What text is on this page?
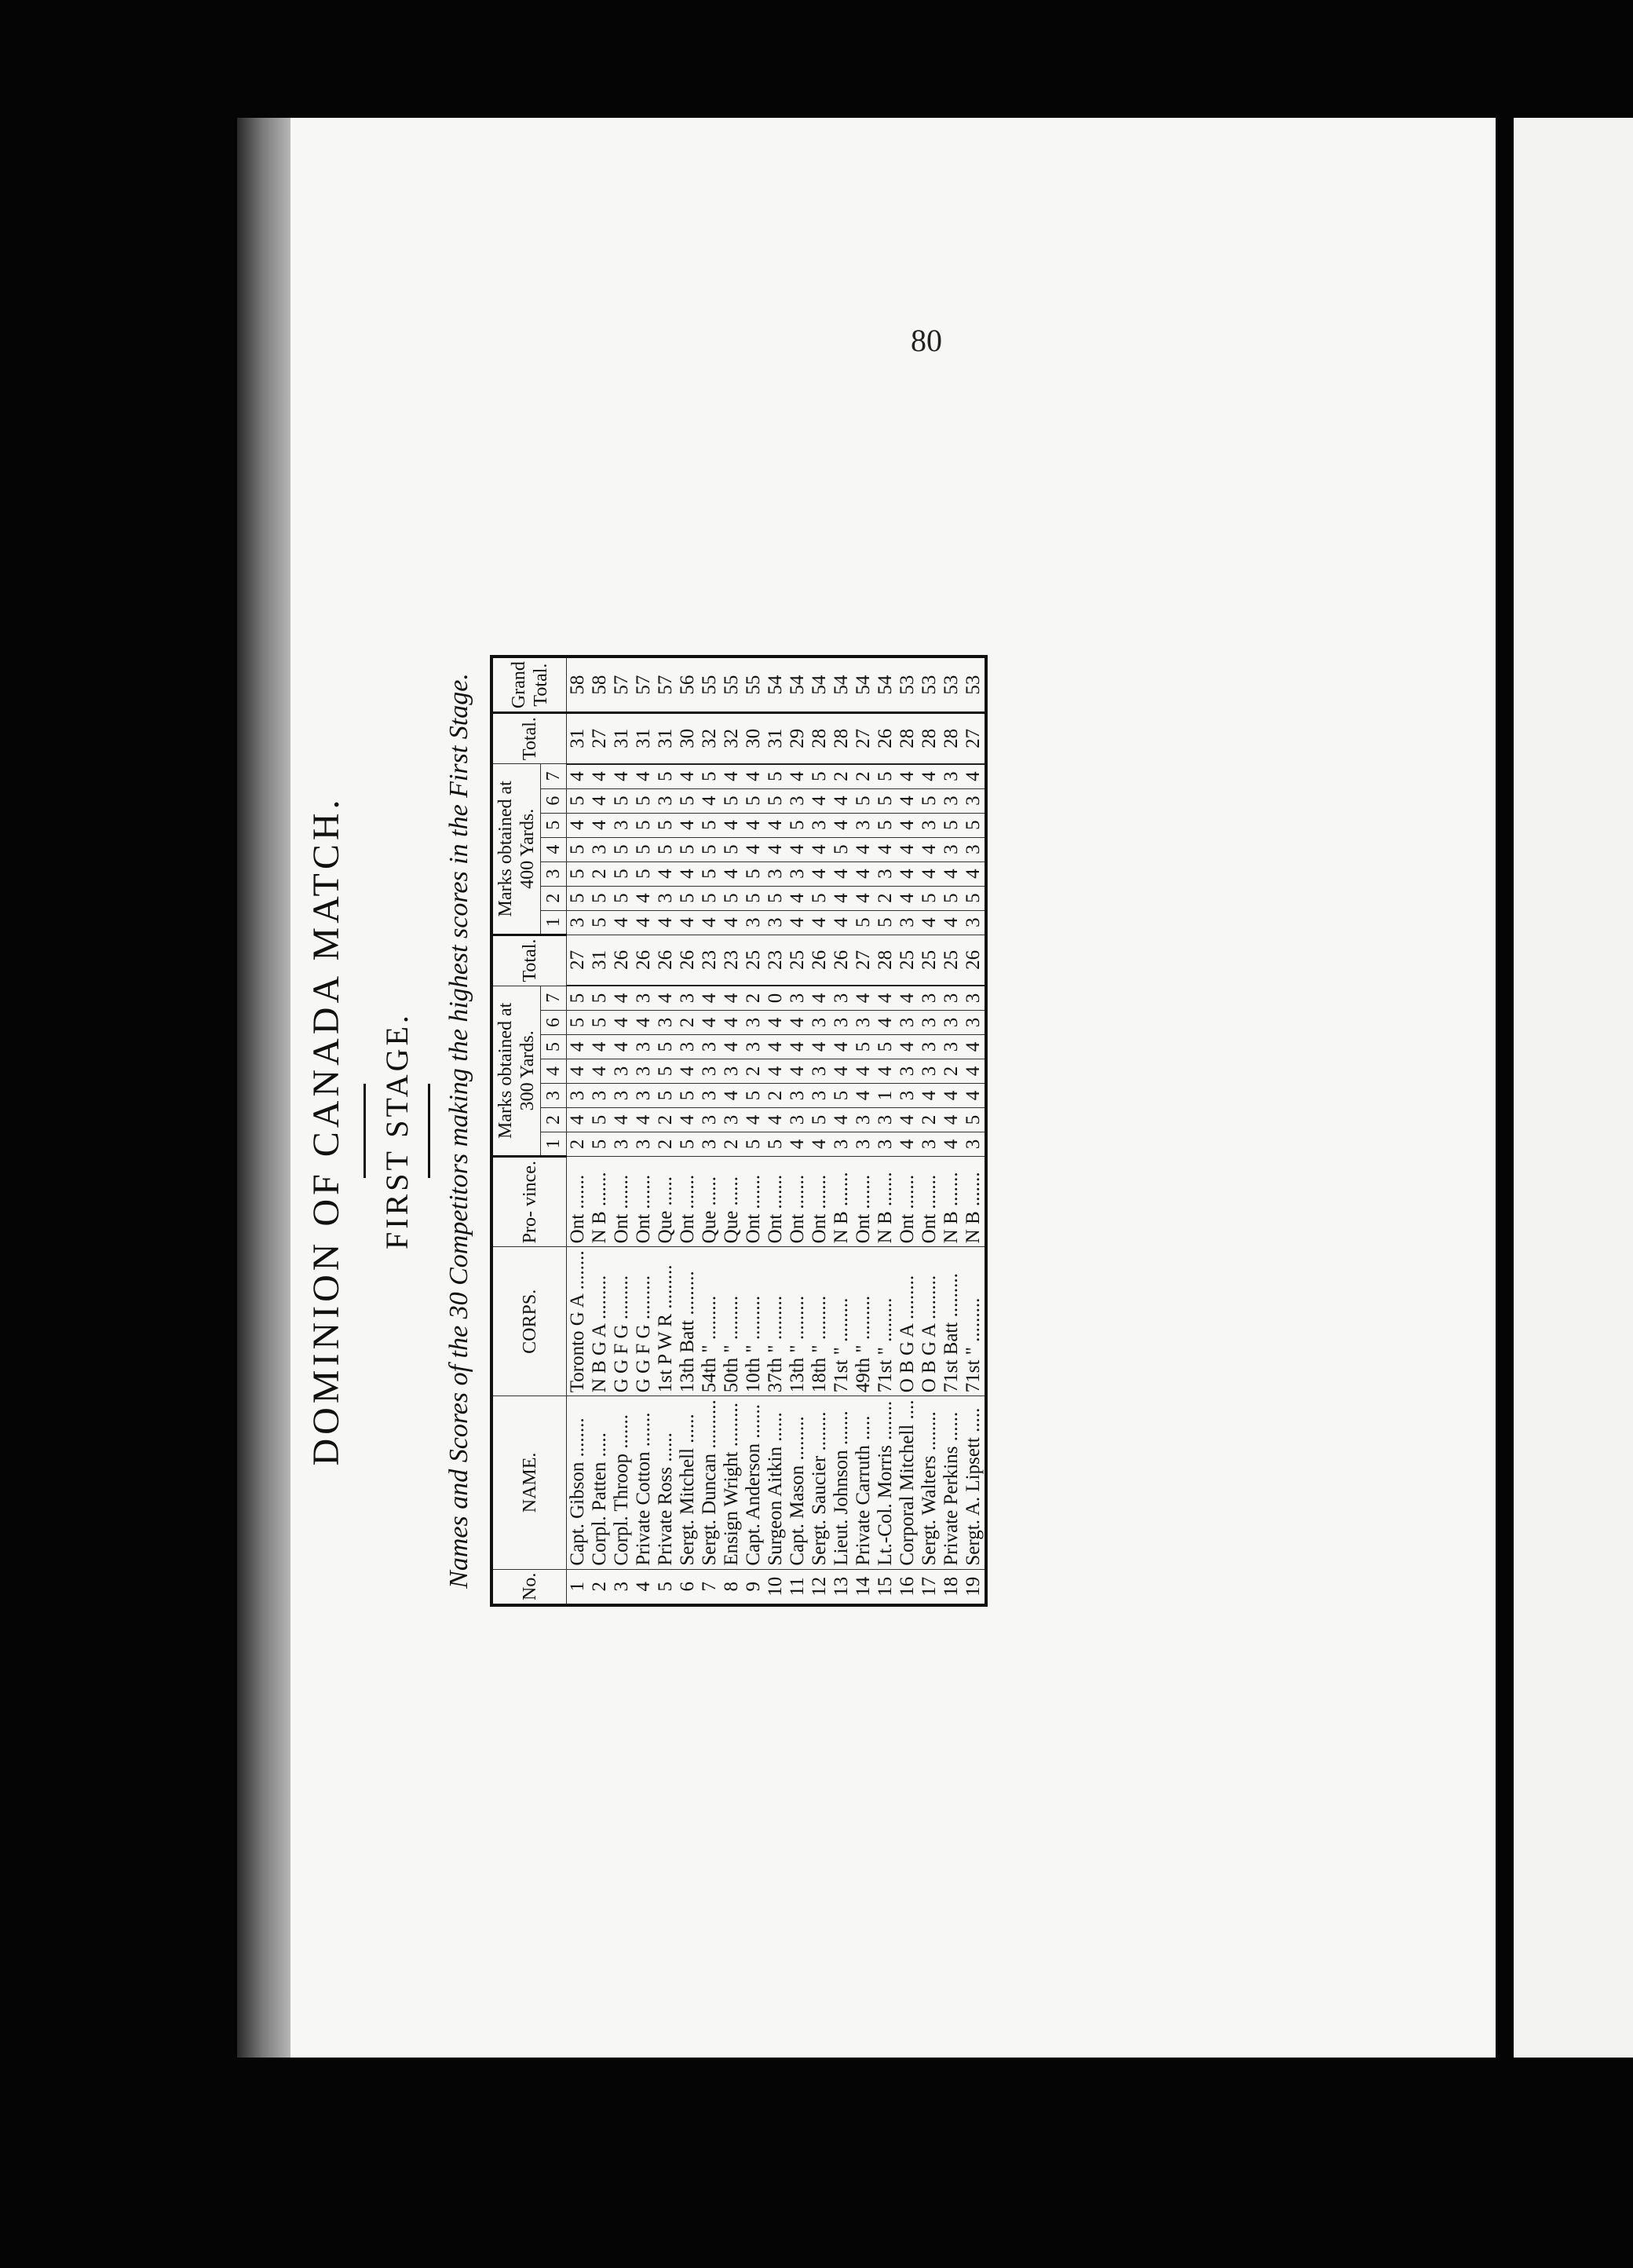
80
DOMINION OF CANADA MATCH. FIRST STAGE. Names and Scores of the 30 Competitors making the highest scores in the First Stage. No.	NAME.	CORPS.	Pro- vince.	Marks obtained at 300 Yards.							Total.	Marks obtained at 400 Yards.							Total.	Grand Total.
				1	2	3	4	5	6	7		1	2	3	4	5	6	7		
1	Capt. Gibson ........	Toronto G A ........	Ont .......	2	4	3	4	4	5	5	27	3	5	5	5	4	5	4	31	58
2	Corpl. Patten .....	N B G A .........	N B .......	5	5	3	4	4	5	5	31	5	5	2	3	4	4	4	27	58
3	Corpl. Throop .......	G G F G .........	Ont .......	3	4	3	3	4	4	4	26	4	5	5	5	3	5	4	31	57
4	Private Cotton .......	G G F G .........	Ont .......	3	4	3	3	3	4	3	26	4	4	5	5	5	5	4	31	57
5	Private Ross ......	1st P W R .........	Que ......	2	2	5	5	5	3	4	26	4	3	4	5	5	3	5	31	57
6	Sergt. Mitchell ......	13th Batt .........	Ont .......	5	4	5	4	3	2	3	26	4	5	4	5	4	5	4	30	56
7	Sergt. Duncan ..........	54th " .........	Que ......	3	3	3	3	3	4	4	23	4	5	5	5	5	4	5	32	55
8	Ensign Wright .........	50th " .........	Que ......	2	3	4	3	4	4	4	23	4	5	4	5	4	5	4	32	55
9	Capt. Anderson .......	10th " .........	Ont .......	5	4	5	2	3	3	2	25	3	5	5	4	4	5	4	30	55
10	Surgeon Aitkin ......	37th " .........	Ont .......	5	4	2	4	4	4	0	23	3	5	3	4	4	5	5	31	54
11	Capt. Mason .........	13th " .........	Ont .......	4	3	3	4	4	4	3	25	4	4	3	4	5	3	4	29	54
12	Sergt. Saucier ........	18th " .........	Ont .......	4	5	3	3	4	3	4	26	4	5	4	4	3	4	5	28	54
13	Lieut. Johnson .......	71st " .........	N B .......	3	4	5	4	4	3	3	26	4	4	4	5	4	4	2	28	54
14	Private Carruth .....	49th " .........	Ont .......	3	3	4	4	5	3	4	27	5	4	4	4	3	5	2	27	54
15	Lt.-Col. Morris ........	71st " .........	N B .......	3	3	1	4	5	4	4	28	5	2	3	4	5	5	5	26	54
16	Corporal Mitchell ....	O B G A .........	Ont .......	4	4	3	3	4	3	4	25	3	4	4	4	4	4	4	28	53
17	Sergt. Walters ........	O B G A .........	Ont .......	3	2	4	3	3	3	3	25	4	5	4	4	3	5	4	28	53
18	Private Perkins ......	71st Batt .........	N B .......	4	4	4	2	3	3	3	25	4	5	4	3	5	3	3	28	53
19	Sergt. A. Lipsett .....	71st " .........	N B .......	3	5	4	4	4	3	3	26	3	5	4	3	5	3	4	27	53
